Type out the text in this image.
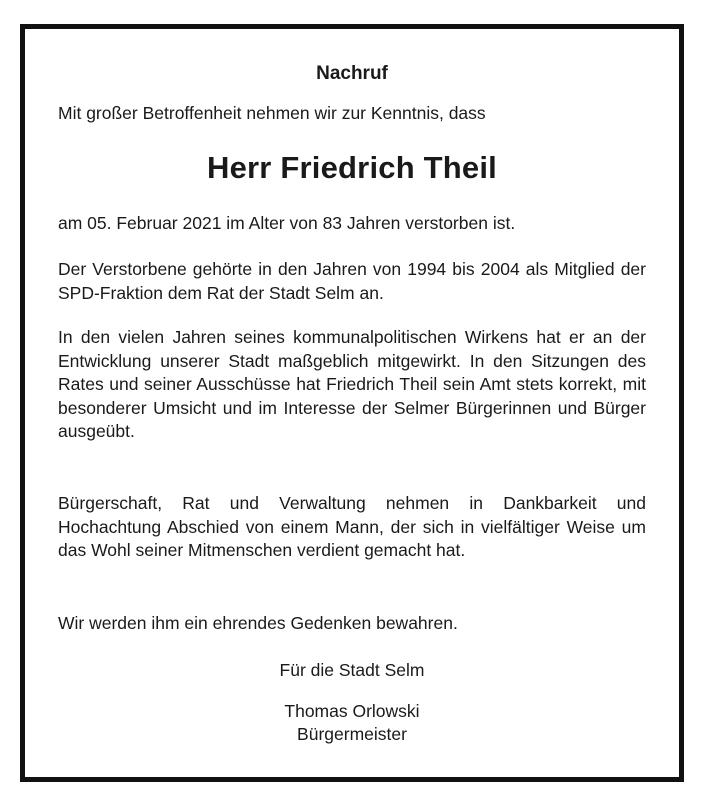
Nachruf
Mit großer Betroffenheit nehmen wir zur Kenntnis, dass
Herr Friedrich Theil

am 05. Februar 2021 im Alter von 83 Jahren verstorben ist.

Der Verstorbene gehörte in den Jahren von 1994 bis 2004 als Mitglied der SPD-Fraktion dem Rat der Stadt Selm an.

In den vielen Jahren seines kommunalpolitischen Wirkens hat er an der Entwicklung unserer Stadt maßgeblich mitgewirkt. In den Sitzungen des Rates und seiner Ausschüsse hat Friedrich Theil sein Amt stets korrekt, mit besonderer Umsicht und im Interesse der Selmer Bürgerinnen und Bürger ausgeübt.

Bürgerschaft, Rat und Verwaltung nehmen in Dankbarkeit und Hochachtung Abschied von einem Mann, der sich in vielfältiger Weise um das Wohl seiner Mitmenschen verdient gemacht hat.

Wir werden ihm ein ehrendes Gedenken bewahren.

Für die Stadt Selm
Thomas Orlowski
Bürgermeister
